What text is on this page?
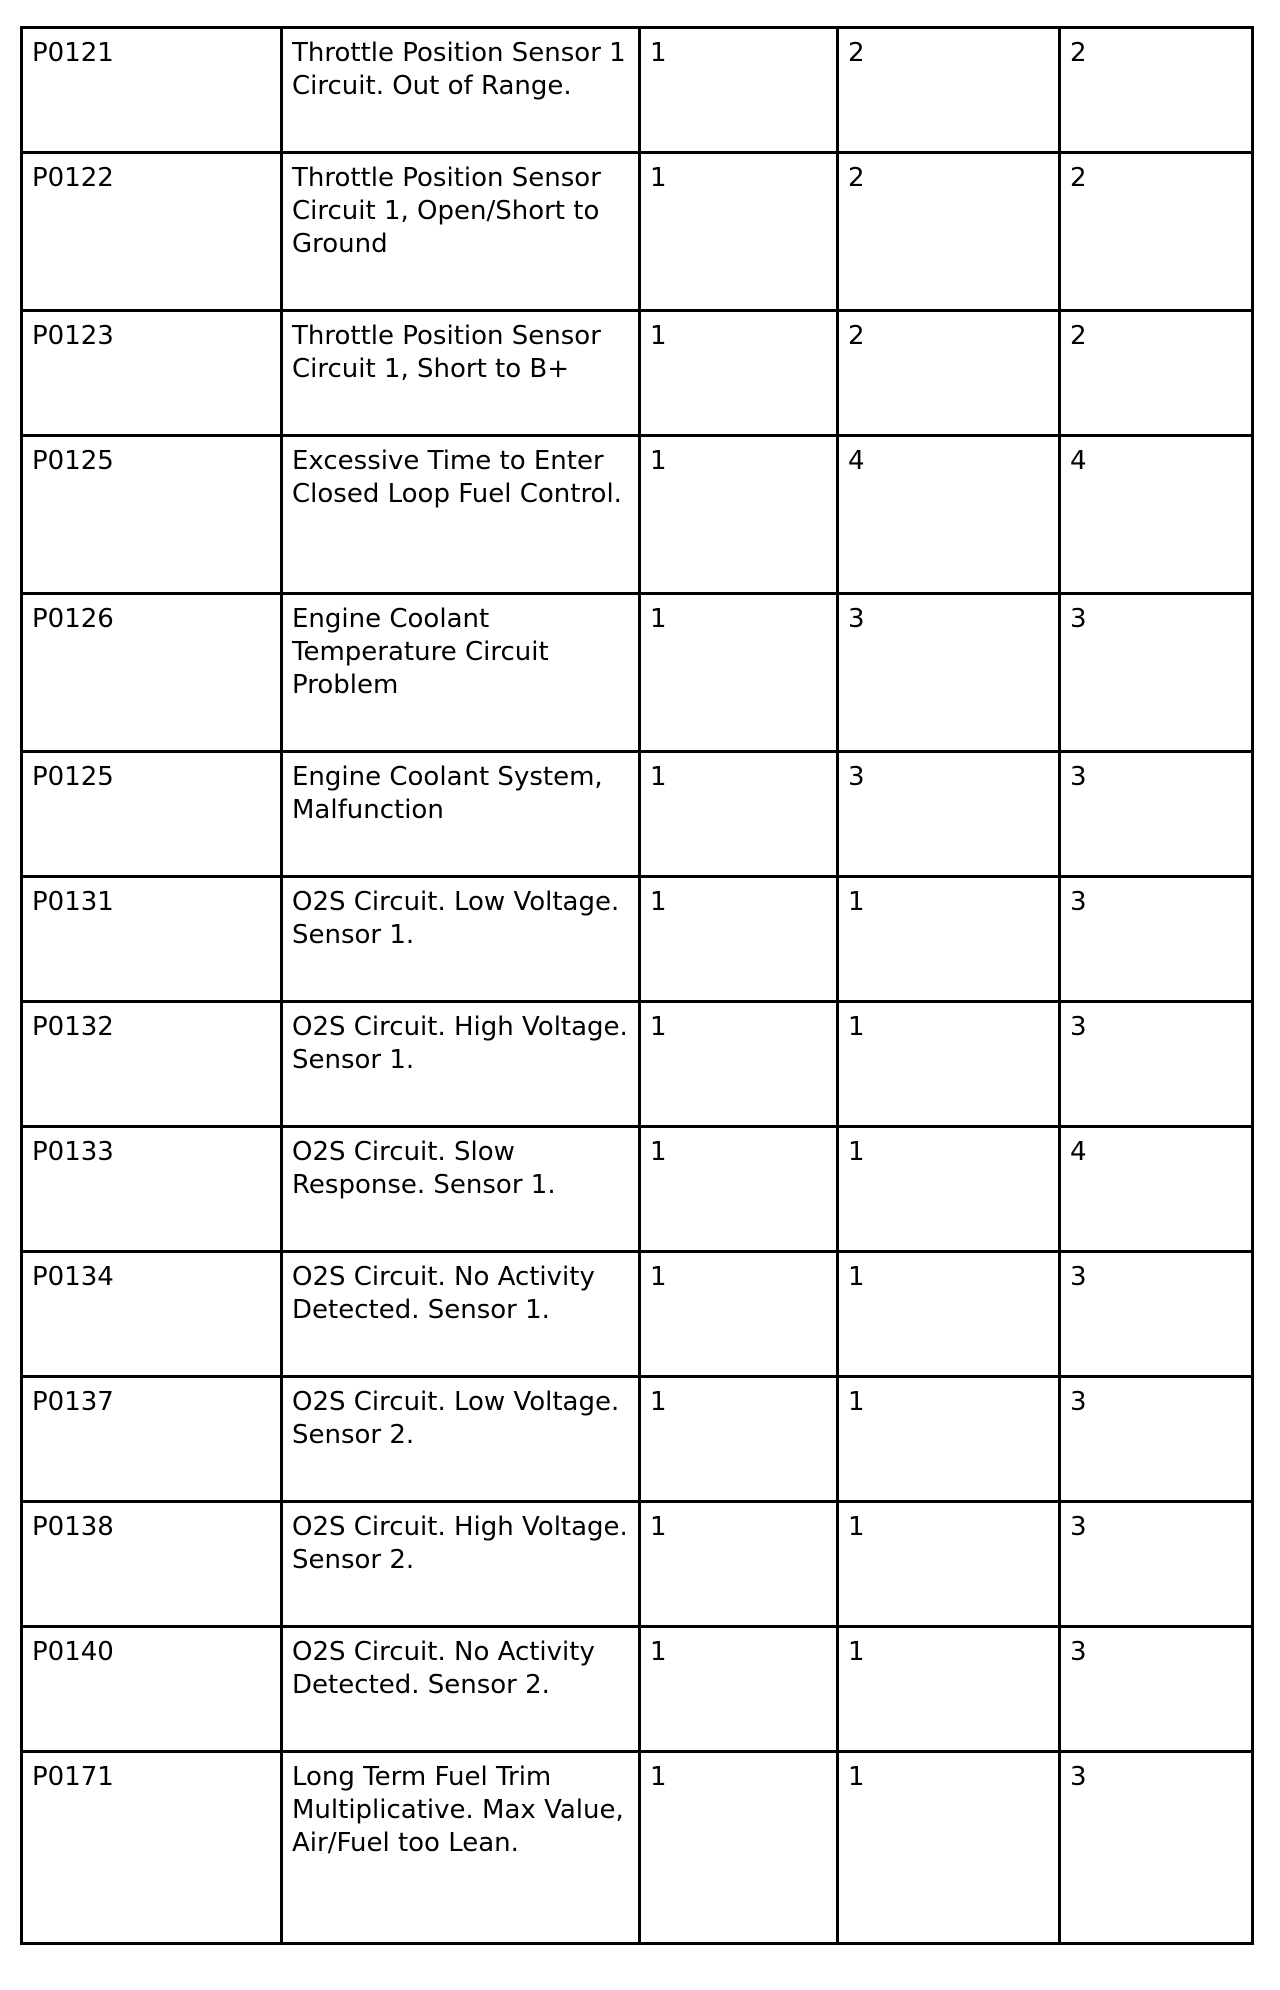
P0121	Throttle Position Sensor 1 Circuit. Out of Range.	1	2	2
P0122	Throttle Position Sensor Circuit 1, Open/Short to Ground	1	2	2
P0123	Throttle Position Sensor Circuit 1, Short to B+	1	2	2
P0125	Excessive Time to Enter Closed Loop Fuel Control.	1	4	4
P0126	Engine Coolant Temperature Circuit Problem	1	3	3
P0125	Engine Coolant System, Malfunction	1	3	3
P0131	O2S Circuit. Low Voltage. Sensor 1.	1	1	3
P0132	O2S Circuit. High Voltage. Sensor 1.	1	1	3
P0133	O2S Circuit. Slow Response. Sensor 1.	1	1	4
P0134	O2S Circuit. No Activity Detected. Sensor 1.	1	1	3
P0137	O2S Circuit. Low Voltage. Sensor 2.	1	1	3
P0138	O2S Circuit. High Voltage. Sensor 2.	1	1	3
P0140	O2S Circuit. No Activity Detected. Sensor 2.	1	1	3
P0171	Long Term Fuel Trim Multiplicative. Max Value, Air/Fuel too Lean.	1	1	3
